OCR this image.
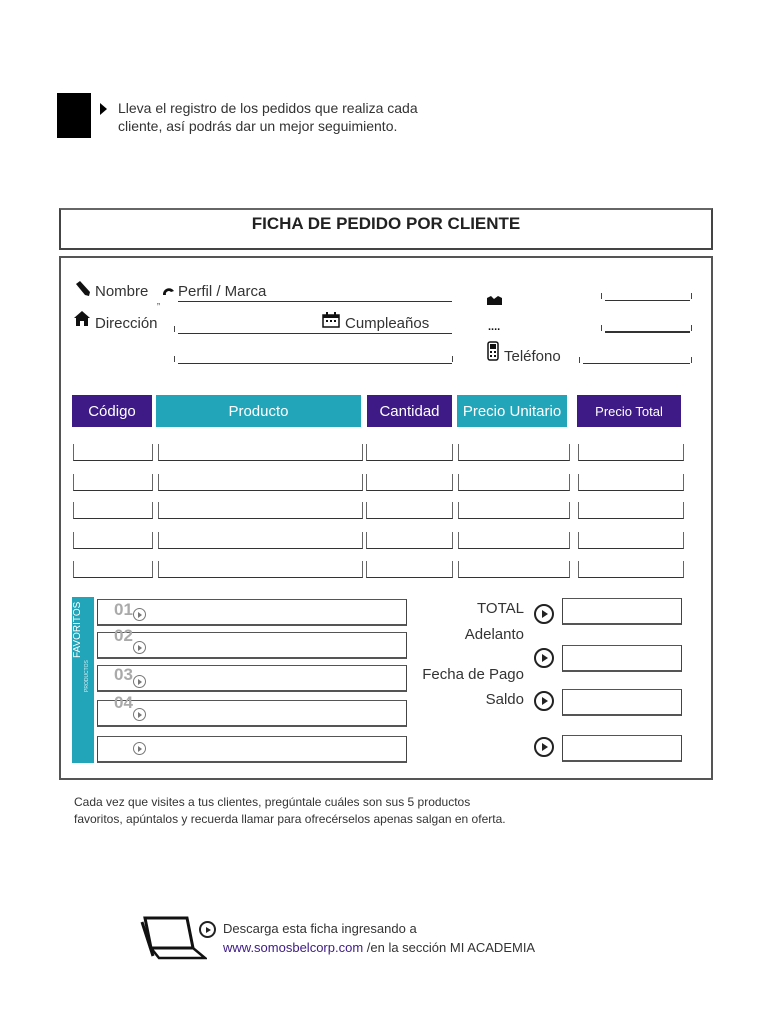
Lleva el registro de los pedidos que realiza cada
cliente, así podrás dar un mejor seguimiento.
FICHA DE PEDIDO POR CLIENTE
Nombre
„
Perfil / Marca
Dirección	Cumpleaños	....
Teléfono
Código	Producto	Cantidad	Precio Unitario	Precio Total
FAVORITOS
PRODUCTOS
01
02
03
04
TOTAL
Adelanto
Fecha de Pago
Saldo
Cada vez que visites a tus clientes, pregúntale cuáles son sus 5 productos
favoritos, apúntalos y recuerda llamar para ofrecérselos apenas salgan en oferta.
Descarga esta ficha ingresando a
www.somosbelcorp.com /en la sección MI ACADEMIA
